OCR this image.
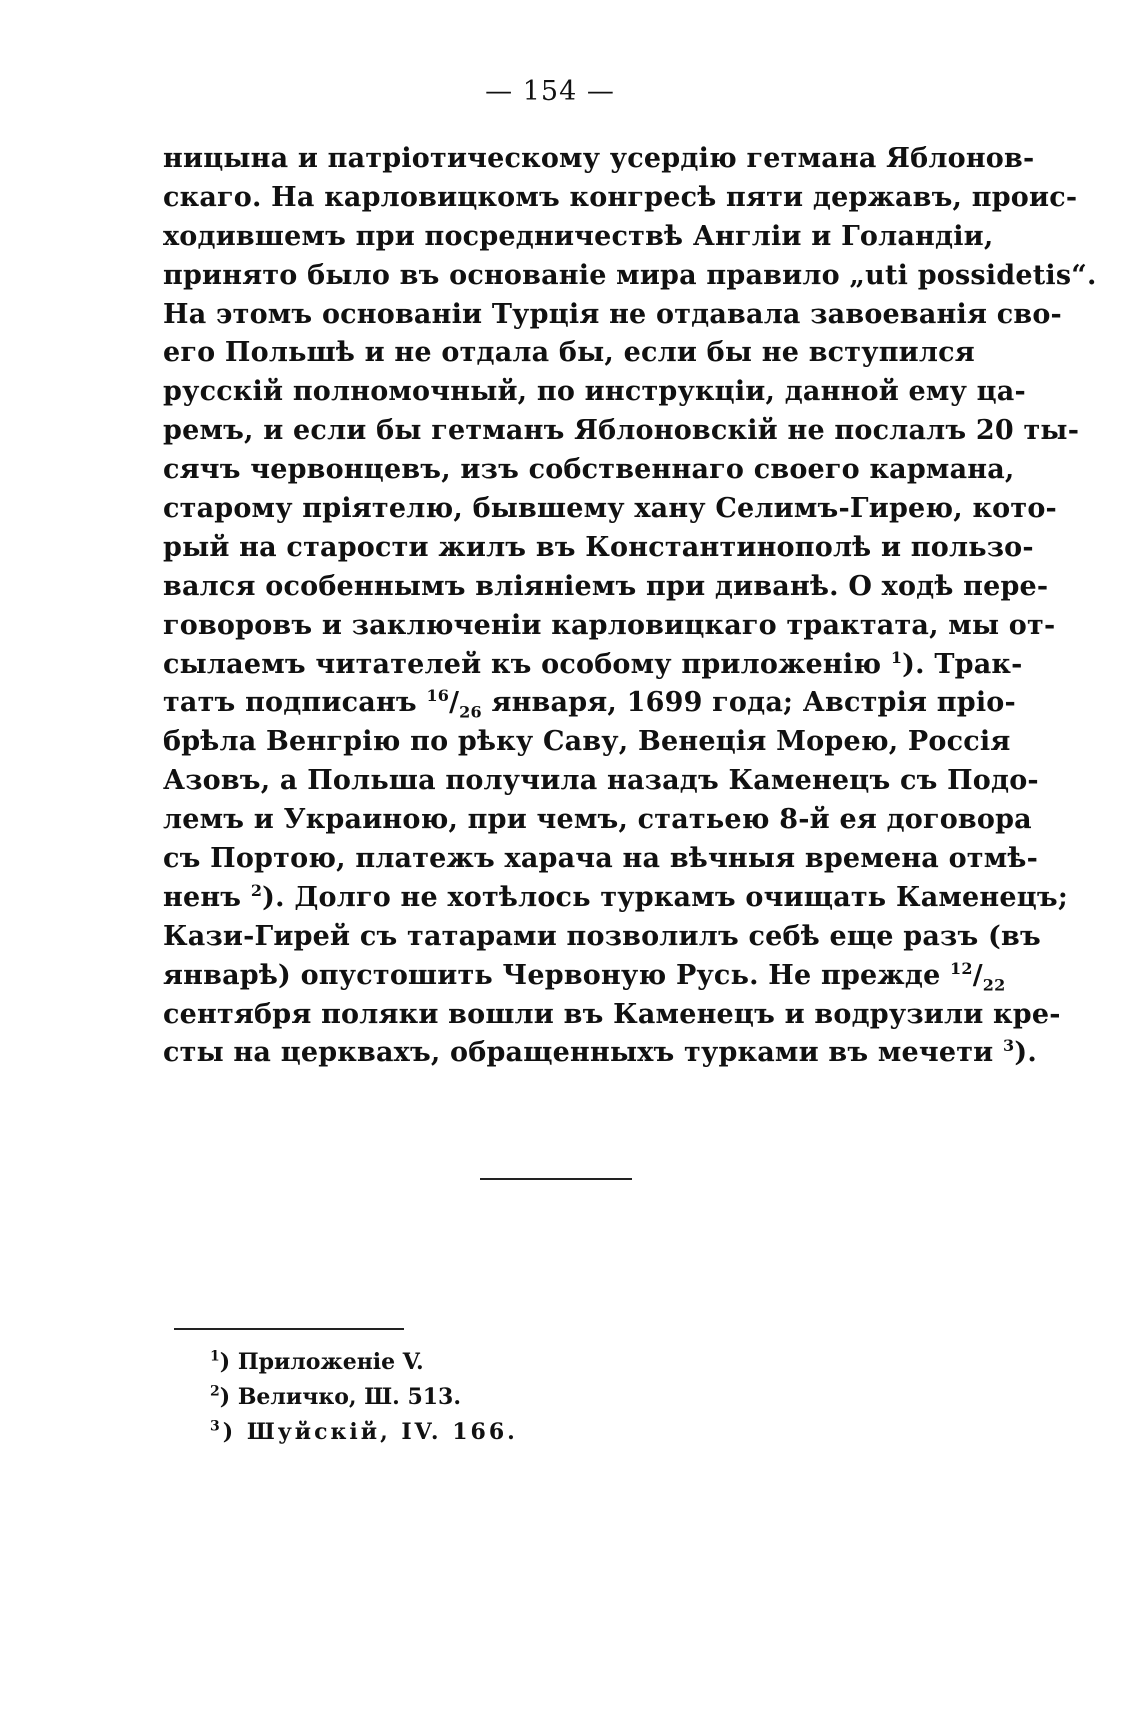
— 154 —
ницына и патріотическому усердію гетмана Яблонов-
скаго. На карловицкомъ конгресѣ пяти державъ, проис-
ходившемъ при посредничествѣ Англіи и Голандіи,
принято было въ основаніе мира правило „uti possidetis“.
На этомъ основаніи Турція не отдавала завоеванія сво-
его Польшѣ и не отдала бы, если бы не вступился
русскій полномочный, по инструкціи, данной ему ца-
ремъ, и если бы гетманъ Яблоновскій не послалъ 20 ты-
сячъ червонцевъ, изъ собственнаго своего кармана,
старому пріятелю, бывшему хану Селимъ-Гирею, кото-
рый на старости жилъ въ Константинополѣ и пользо-
вался особеннымъ вліяніемъ при диванѣ. О ходѣ пере-
говоровъ и заключеніи карловицкаго трактата, мы от-
сылаемъ читателей къ особому приложенію $^1$). Трак-
татъ подписанъ $^{16}/_{26}$ января, 1699 года; Австрія пріо-
брѣла Венгрію по рѣку Саву, Венеція Морею, Россія
Азовъ, а Польша получила назадъ Каменецъ съ Подо-
лемъ и Украиною, при чемъ, статьею 8-й ея договора
съ Портою, платежъ харача на вѣчныя времена отмѣ-
ненъ $^2$). Долго не хотѣлось туркамъ очищать Каменецъ;
Кази-Гирей съ татарами позволилъ себѣ еще разъ (въ
январѣ) опустошить Червоную Русь. Не прежде $^{12}/_{22}$
сентября поляки вошли въ Каменецъ и водрузили кре-
сты на церквахъ, обращенныхъ турками въ мечети $^3$).
$^1$) Приложеніе V.
$^2$) Величко, Ш. 513.
$^3$) Шуйскій, IV. 166.
